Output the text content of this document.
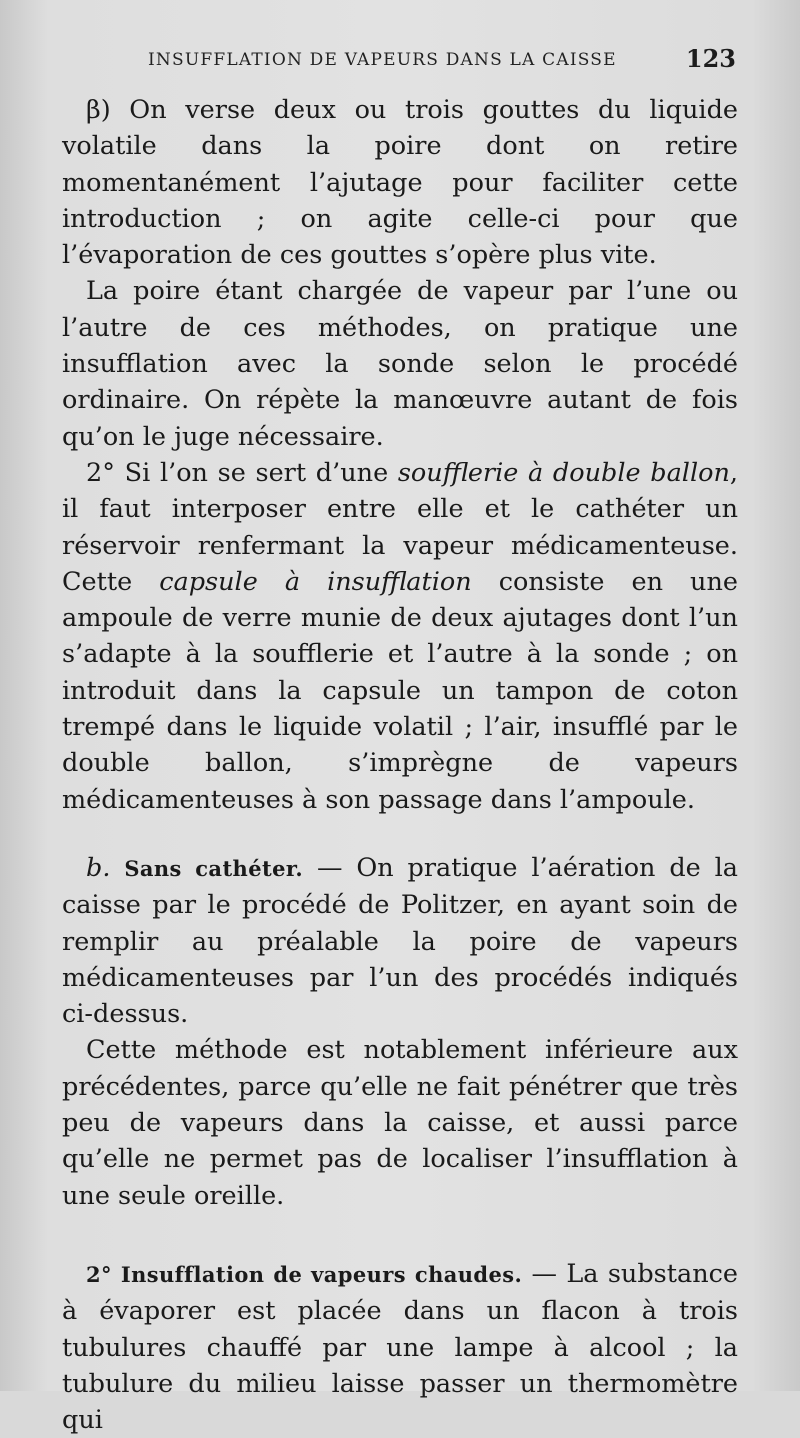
INSUFFLATION DE VAPEURS DANS LA CAISSE	123

β) On verse deux ou trois gouttes du liquide volatile dans la poire dont on retire momentanément l’ajutage pour faciliter cette introduction ; on agite celle-ci pour que l’évaporation de ces gouttes s’opère plus vite.

La poire étant chargée de vapeur par l’une ou l’autre de ces méthodes, on pratique une insufflation avec la sonde selon le procédé ordinaire. On répète la manœuvre autant de fois qu’on le juge nécessaire.

2° Si l’on se sert d’une soufflerie à double ballon, il faut interposer entre elle et le cathéter un réservoir renfermant la vapeur médicamenteuse. Cette capsule à insufflation consiste en une ampoule de verre munie de deux ajutages dont l’un s’adapte à la soufflerie et l’autre à la sonde ; on introduit dans la capsule un tampon de coton trempé dans le liquide volatil ; l’air, insufflé par le double ballon, s’imprègne de vapeurs médicamenteuses à son passage dans l’ampoule.

b. Sans cathéter. — On pratique l’aération de la caisse par le procédé de Politzer, en ayant soin de remplir au préalable la poire de vapeurs médicamenteuses par l’un des procédés indiqués ci-dessus.

Cette méthode est notablement inférieure aux précédentes, parce qu’elle ne fait pénétrer que très peu de vapeurs dans la caisse, et aussi parce qu’elle ne permet pas de localiser l’insufflation à une seule oreille.

2° Insufflation de vapeurs chaudes. — La substance à évaporer est placée dans un flacon à trois tubulures chauffé par une lampe à alcool ; la tubulure du milieu laisse passer un thermomètre qui
